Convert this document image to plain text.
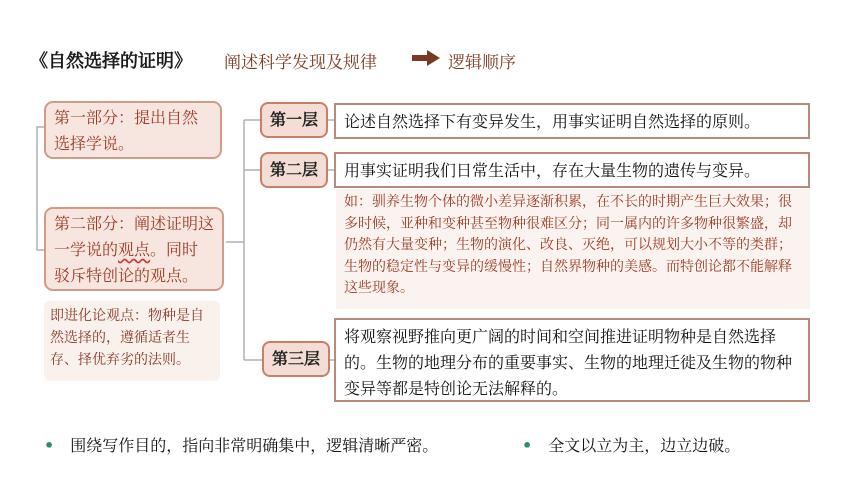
《自然选择的证明》 阐述科学发现及规律	逻辑顺序
第一部分：提出自然选择学说。
第二部分：阐述证明这一学说的观点。同时驳斥特创论的观点。
即进化论观点：物种是自然选择的，遵循适者生存、择优弃劣的法则。
第一层	论述自然选择下有变异发生，用事实证明自然选择的原则。
第二层	用事实证明我们日常生活中，存在大量生物的遗传与变异。
如：驯养生物个体的微小差异逐渐积累，在不长的时期产生巨大效果；很多时候，亚种和变种甚至物种很难区分；同一属内的许多物种很繁盛，却仍然有大量变种；生物的演化、改良、灭绝，可以规划大小不等的类群；生物的稳定性与变异的缓慢性；自然界物种的美感。而特创论都不能解释这些现象。
第三层
将观察视野推向更广阔的时间和空间推进证明物种是自然选择的。生物的地理分布的重要事实、生物的地理迁徙及生物的物种变异等都是特创论无法解释的。
• 围绕写作目的，指向非常明确集中，逻辑清晰严密。	• 全文以立为主，边立边破。
